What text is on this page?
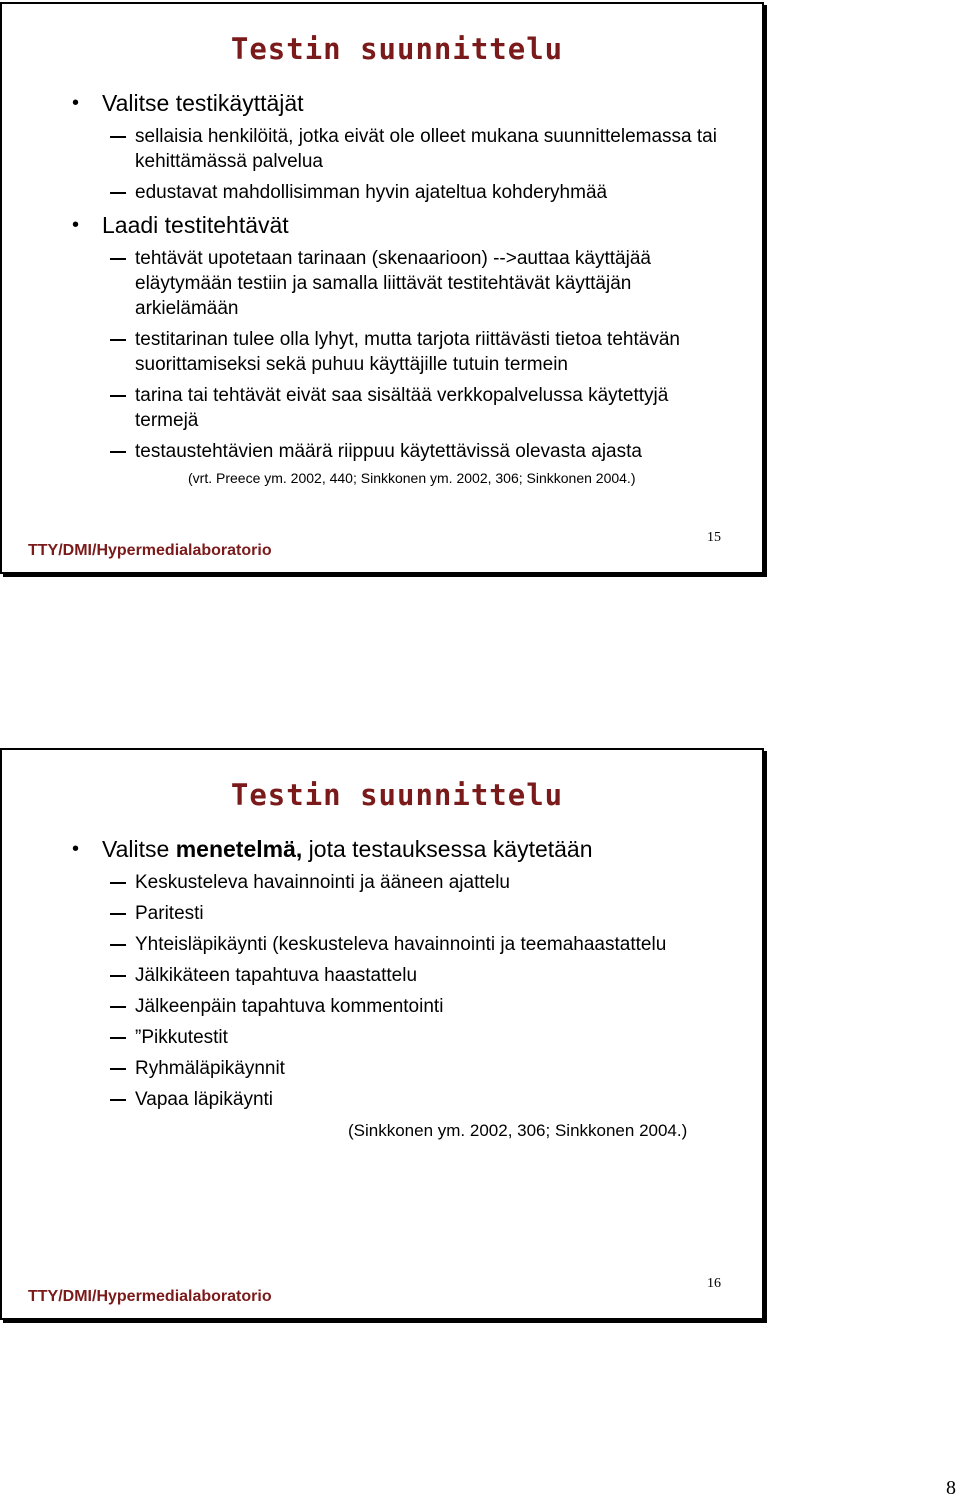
Testin suunnittelu

• Valitse testikäyttäjät

sellaisia henkilöitä, jotka eivät ole olleet mukana suunnittelemassa tai kehittämässä palvelua

edustavat mahdollisimman hyvin ajateltua kohderyhmää

• Laadi testitehtävät

tehtävät upotetaan tarinaan (skenaarioon) -->auttaa käyttäjää eläytymään testiin ja samalla liittävät testitehtävät käyttäjän arkielämään

testitarinan tulee olla lyhyt, mutta tarjota riittävästi tietoa tehtävän suorittamiseksi sekä puhuu käyttäjille tutuin termein

tarina tai tehtävät eivät saa sisältää verkkopalvelussa käytettyjä termejä

testaustehtävien määrä riippuu käytettävissä olevasta ajasta

(vrt. Preece ym. 2002, 440; Sinkkonen ym. 2002, 306; Sinkkonen 2004.)

TTY/DMI/Hypermedialaboratorio
15
Testin suunnittelu

• Valitse menetelmä, jota testauksessa käytetään

Keskusteleva havainnointi ja ääneen ajattelu

Paritesti

Yhteisläpikäynti (keskusteleva havainnointi ja teemahaastattelu

Jälkikäteen tapahtuva haastattelu

Jälkeenpäin tapahtuva kommentointi

”Pikkutestit

Ryhmäläpikäynnit

Vapaa läpikäynti

(Sinkkonen ym. 2002, 306; Sinkkonen 2004.)

TTY/DMI/Hypermedialaboratorio
16
8
